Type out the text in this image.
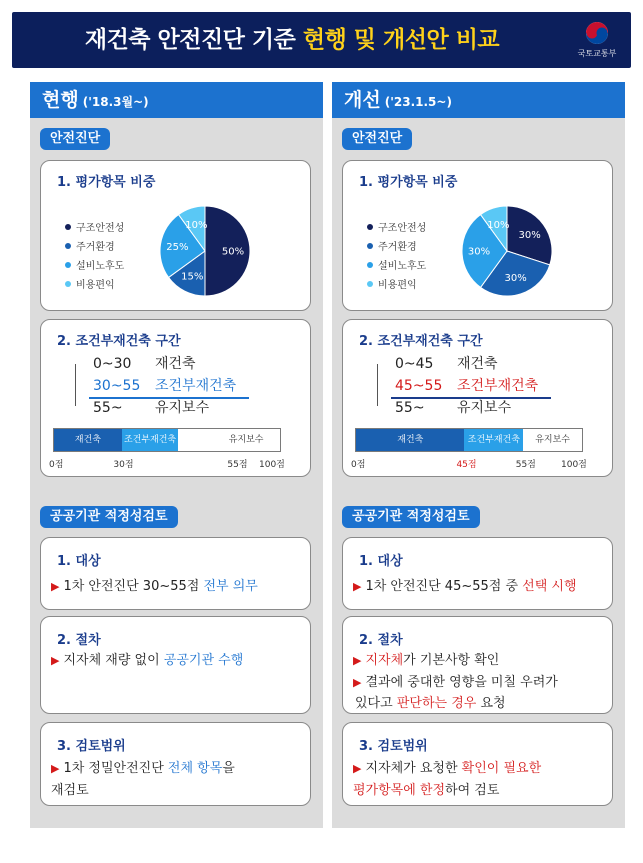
재건축 안전진단 기준 현행 및 개선안 비교
국토교통부
현행 ('18.3월~)
안전진단
1. 평가항목 비중
구조안전성
주거환경
설비노후도
비용편익
50%
15%
25%
10%
2. 조건부재건축 구간
0~30 재건축
30~55 조건부재건축
55~ 유지보수
재건축	조건부재건축	유지보수
0점	30점	55점 100점
공공기관 적정성검토
1. 대상
▶ 1차 안전진단 30~55점 전부 의무
2. 절차
▶ 지자체 재량 없이 공공기관 수행
3. 검토범위
▶ 1차 정밀안전진단 전체 항목을
재검토
개선 ('23.1.5~)
안전진단
1. 평가항목 비중
구조안전성
주거환경
설비노후도
비용편익
30%
30%
30%
10%
2. 조건부재건축 구간
0~45 재건축
45~55 조건부재건축
55~ 유지보수
재건축	조건부재건축	유지보수
0점	45점	55점	100점
공공기관 적정성검토
1. 대상
▶ 1차 안전진단 45~55점 중 선택 시행
2. 절차
▶ 지자체가 기본사항 확인
▶ 결과에 중대한 영향을 미칠 우려가
있다고 판단하는 경우 요청
3. 검토범위
▶ 지자체가 요청한 확인이 필요한
평가항목에 한정하여 검토
